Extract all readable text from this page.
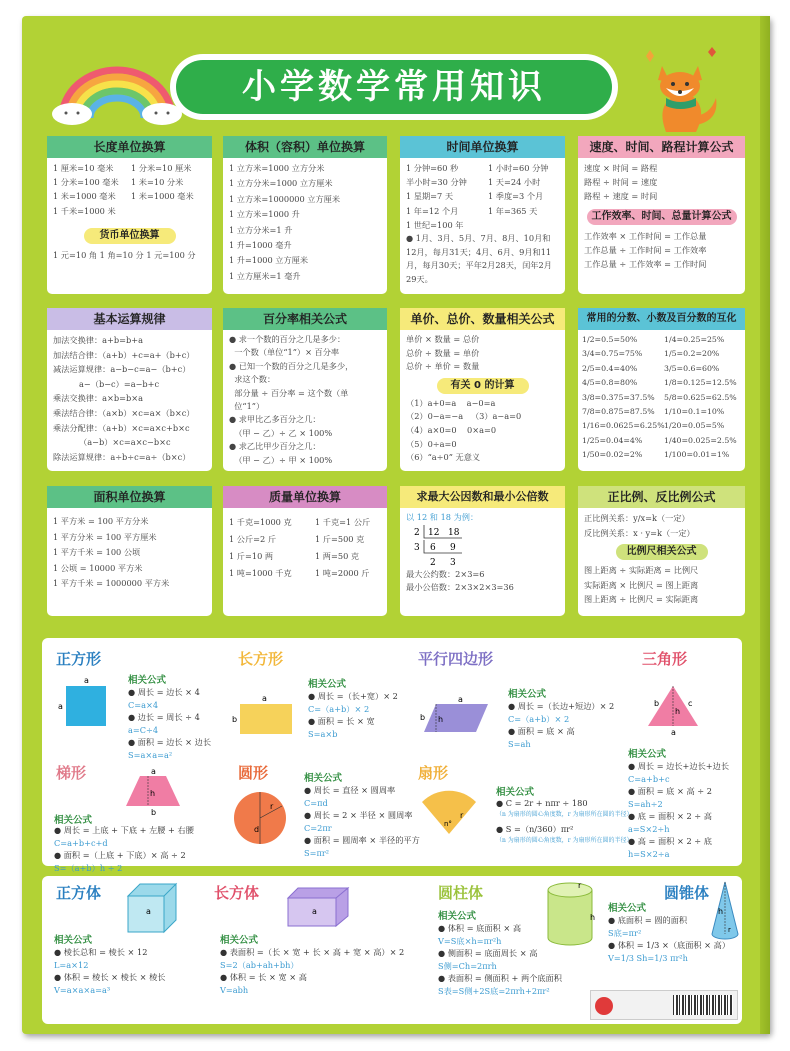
小学数学常用知识
长度单位换算
1 厘米=10 毫米 1 分米=10 厘米
1 分米=100 毫米 1 米=10 分米
1 米=1000 毫米 1 米=1000 毫米
1 千米=1000 米
货币单位换算
1 元=10 角 1 角=10 分 1 元=100 分
体积（容积）单位换算
1 立方米=1000 立方分米
1 立方分米=1000 立方厘米
1 立方米=1000000 立方厘米
1 立方米=1000 升
1 立方分米=1 升
1 升=1000 毫升
1 升=1000 立方厘米
1 立方厘米=1 毫升
时间单位换算
1 分钟=60 秒	1 小时=60 分钟
半小时=30 分钟	1 天=24 小时
1 星期=7 天	1 季度=3 个月
1 年=12 个月	1 年=365 天
1 世纪=100 年
● 1月、3月、5月、7月、8月、10月和12月，每月31天；4月、6月、9月和11月，每月30天；平年2月28天，闰年2月29天。
速度、时间、路程计算公式
速度 × 时间 = 路程
路程 ÷ 时间 = 速度
路程 ÷ 速度 = 时间
工作效率、时间、总量计算公式
工作效率 × 工作时间 = 工作总量
工作总量 ÷ 工作时间 = 工作效率
工作总量 ÷ 工作效率 = 工作时间
基本运算规律
加法交换律：a+b=b+a
加法结合律：（a+b）+c=a+（b+c）
减法运算规律：a−b−c=a−（b+c）
a−（b−c）=a−b+c
乘法交换律：a×b=b×a
乘法结合律：（a×b）×c=a×（b×c）
乘法分配律：（a+b）×c=a×c+b×c
（a−b）×c=a×c−b×c
除法运算规律：a÷b÷c=a÷（b×c）
百分率相关公式
● 求一个数的百分之几是多少：
一个数（单位“1”）× 百分率
● 已知一个数的百分之几是多少，
求这个数：
部分量 ÷ 百分率 = 这个数（单
位“1”）
● 求甲比乙多百分之几：
（甲 − 乙）÷ 乙 × 100%
● 求乙比甲少百分之几：
（甲 − 乙）÷ 甲 × 100%
单价、总价、数量相关公式
单价 × 数量 = 总价
总价 ÷ 数量 = 单价
总价 ÷ 单价 = 数量
有关 0 的计算
（1）a+0=a    a−0=a
（2）0−a=−a   （3）a−a=0
（4）a×0=0    0×a=0
（5）0÷a=0
（6）“a÷0” 无意义
常用的分数、小数及百分数的互化
1/2=0.5=50%	1/4=0.25=25%
3/4=0.75=75%	1/5=0.2=20%
2/5=0.4=40%	3/5=0.6=60%
4/5=0.8=80%	1/8=0.125=12.5%
3/8=0.375=37.5% 5/8=0.625=62.5%
7/8=0.875=87.5% 1/10=0.1=10%
1/16=0.0625=6.25%1/20=0.05=5%
1/25=0.04=4%	1/40=0.025=2.5%
1/50=0.02=2%	1/100=0.01=1%
面积单位换算
1 平方米 = 100 平方分米
1 平方分米 = 100 平方厘米
1 平方千米 = 100 公顷
1 公顷 = 10000 平方米
1 平方千米 = 1000000 平方米
质量单位换算
1 千克=1000 克	1 千克=1 公斤
1 公斤=2 斤	1 斤=500 克
1 斤=10 两	1 两=50 克
1 吨=1000 千克	1 吨=2000 斤
求最大公因数和最小公倍数
以 12 和 18 为例：
2 12 18
3 6 9
2 3
最大公约数：2×3=6
最小公倍数：2×3×2×3=36
正比例、反比例公式
正比例关系：y/x=k（一定）
反比例关系：x · y=k（一定）
比例尺相关公式
图上距离 ÷ 实际距离 = 比例尺
实际距离 × 比例尺 = 图上距离
图上距离 ÷ 比例尺 = 实际距离
正方形
a
a
相关公式
● 周长 = 边长 × 4
C=a×4
● 边长 = 周长 ÷ 4
a=C÷4
● 面积 = 边长 × 边长
S=a×a=a²
长方形
a
b
相关公式
● 周长 =（长+宽）× 2
C=（a+b）× 2
● 面积 = 长 × 宽
S=a×b
平行四边形
a
h
b
相关公式
● 周长 =（长边+短边）× 2
C=（a+b）× 2
● 面积 = 底 × 高
S=ah
三角形
b	c
h
a
相关公式
● 周长 = 边长+边长+边长
C=a+b+c
● 面积 = 底 × 高 ÷ 2
S=ah÷2
● 底 = 面积 × 2 ÷ 高
a=S×2÷h
● 高 = 面积 × 2 ÷ 底
h=S×2÷a
梯形	a
h
b
相关公式
● 周长 = 上底 + 下底 + 左腰 + 右腰
C=a+b+c+d
● 面积 =（上底 + 下底）× 高 ÷ 2
S=（a+b）h ÷ 2
圆形
r
d
相关公式
● 周长 = 直径 × 圆周率
C=πd
● 周长 = 2 × 半径 × 圆周率
C=2πr
● 面积 = 圆周率 × 半径的平方
S=πr²
扇形
n°
r
相关公式
● C = 2r + nπr ÷ 180
（n 为扇形的圆心角度数，r 为扇形所在圆的半径）
● S =（n/360）πr²
（n 为扇形的圆心角度数，r 为扇形所在圆的半径）
正方体
a
相关公式
● 棱长总和 = 棱长 × 12
L=a×12
● 体积 = 棱长 × 棱长 × 棱长
V=a×a×a=a³
长方体
a
相关公式
● 表面积 =（长 × 宽 + 长 × 高 + 宽 × 高）× 2
S=2（ab+ah+bh）
● 体积 = 长 × 宽 × 高
V=abh
圆柱体	r
h
相关公式
● 体积 = 底面积 × 高
V=S底×h=πr²h
● 侧面积 = 底面周长 × 高
S侧=Ch=2πrh
● 表面积 = 侧面积 + 两个底面积
S表=S侧+2S底=2πrh+2πr²
圆锥体
h
r
相关公式
● 底面积 = 圆的面积
S底=πr²
● 体积 = 1/3 ×（底面积 × 高）
V=1/3 Sh=1/3 πr²h
